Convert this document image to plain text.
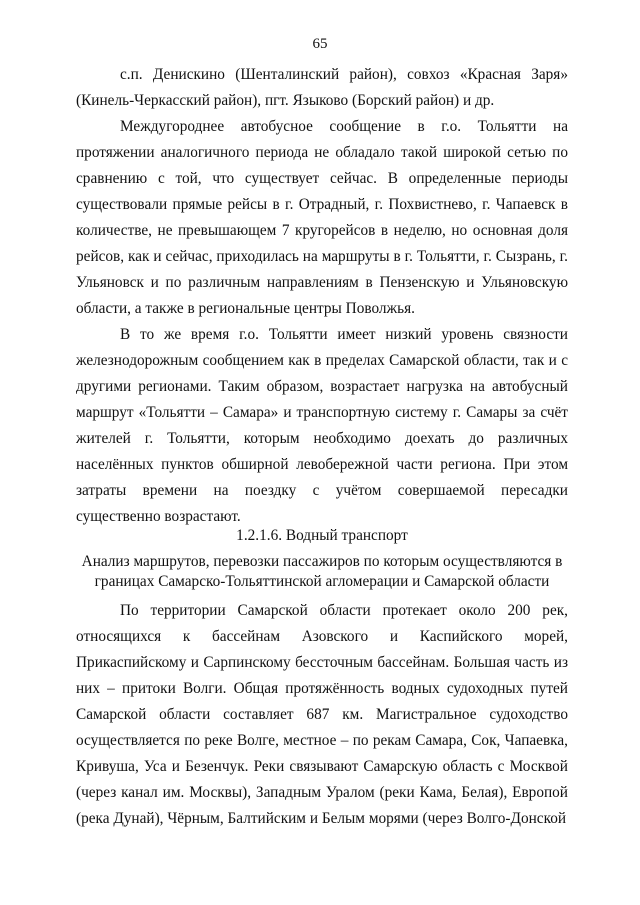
65

с.п. Денискино (Шенталинский район), совхоз «Красная Заря» (Кинель-Черкасский район), пгт. Языково (Борский район) и др.

Междугороднее автобусное сообщение в г.о. Тольятти на протяжении аналогичного периода не обладало такой широкой сетью по сравнению с той, что существует сейчас. В определенные периоды существовали прямые рейсы в г. Отрадный, г. Похвистнево, г. Чапаевск в количестве, не превышающем 7 кругорейсов в неделю, но основная доля рейсов, как и сейчас, приходилась на маршруты в г. Тольятти, г. Сызрань, г. Ульяновск и по различным направлениям в Пензенскую и Ульяновскую области, а также в региональные центры Поволжья.

В то же время г.о. Тольятти имеет низкий уровень связности железнодорожным сообщением как в пределах Самарской области, так и с другими регионами. Таким образом, возрастает нагрузка на автобусный маршрут «Тольятти – Самара» и транспортную систему г. Самары за счёт жителей г. Тольятти, которым необходимо доехать до различных населённых пунктов обширной левобережной части региона. При этом затраты времени на поездку с учётом совершаемой пересадки существенно возрастают.

1.2.1.6. Водный транспорт

Анализ маршрутов, перевозки пассажиров по которым осуществляются в границах Самарско-Тольяттинской агломерации и Самарской области

По территории Самарской области протекает около 200 рек, относящихся к бассейнам Азовского и Каспийского морей, Прикаспийскому и Сарпинскому бессточным бассейнам. Большая часть из них – притоки Волги. Общая протяжённость водных судоходных путей Самарской области составляет 687 км. Магистральное судоходство осуществляется по реке Волге, местное – по рекам Самара, Сок, Чапаевка, Кривуша, Уса и Безенчук. Реки связывают Самарскую область с Москвой (через канал им. Москвы), Западным Уралом (реки Кама, Белая), Европой (река Дунай), Чёрным, Балтийским и Белым морями (через Волго-Донской
